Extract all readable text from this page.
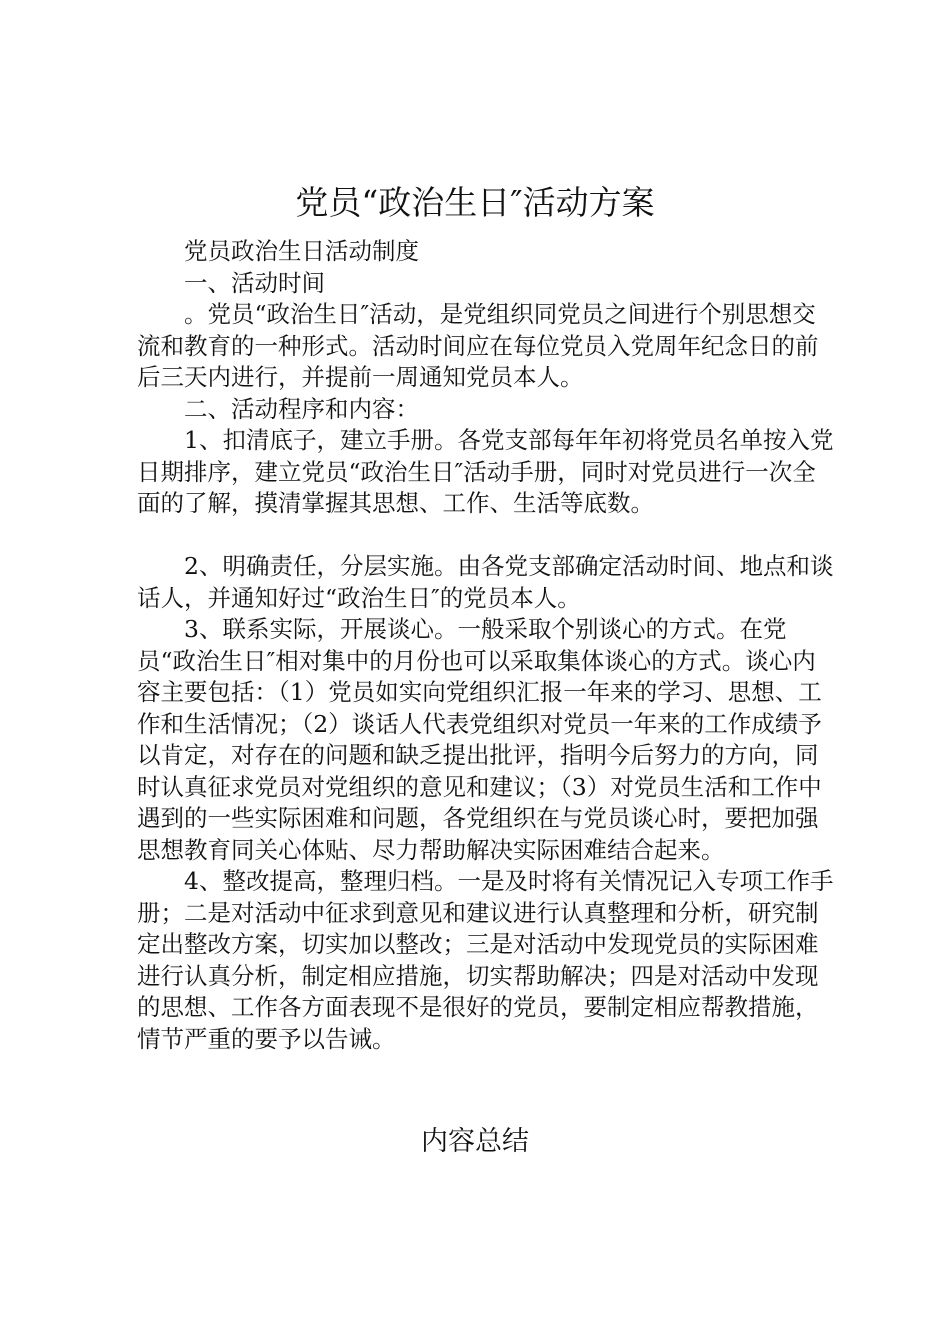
党员“政治生日″活动方案

党员政治生日活动制度

一、活动时间

。党员“政治生日″活动，是党组织同党员之间进行个别思想交流和教育的一种形式。活动时间应在每位党员入党周年纪念日的前后三天内进行，并提前一周通知党员本人。

二、活动程序和内容：

1、扣清底子，建立手册。各党支部每年年初将党员名单按入党日期排序，建立党员“政治生日″活动手册，同时对党员进行一次全面的了解，摸清掌握其思想、工作、生活等底数。

2、明确责任，分层实施。由各党支部确定活动时间、地点和谈话人，并通知好过“政治生日″的党员本人。

3、联系实际，开展谈心。一般采取个别谈心的方式。在党员“政治生日″相对集中的月份也可以采取集体谈心的方式。谈心内容主要包括：（1）党员如实向党组织汇报一年来的学习、思想、工作和生活情况；（2）谈话人代表党组织对党员一年来的工作成绩予以肯定，对存在的问题和缺乏提出批评，指明今后努力的方向，同时认真征求党员对党组织的意见和建议；（3）对党员生活和工作中遇到的一些实际困难和问题，各党组织在与党员谈心时，要把加强思想教育同关心体贴、尽力帮助解决实际困难结合起来。

4、整改提高，整理归档。一是及时将有关情况记入专项工作手册；二是对活动中征求到意见和建议进行认真整理和分析，研究制定出整改方案，切实加以整改；三是对活动中发现党员的实际困难进行认真分析，制定相应措施，切实帮助解决；四是对活动中发现的思想、工作各方面表现不是很好的党员，要制定相应帮教措施，情节严重的要予以告诫。

内容总结
